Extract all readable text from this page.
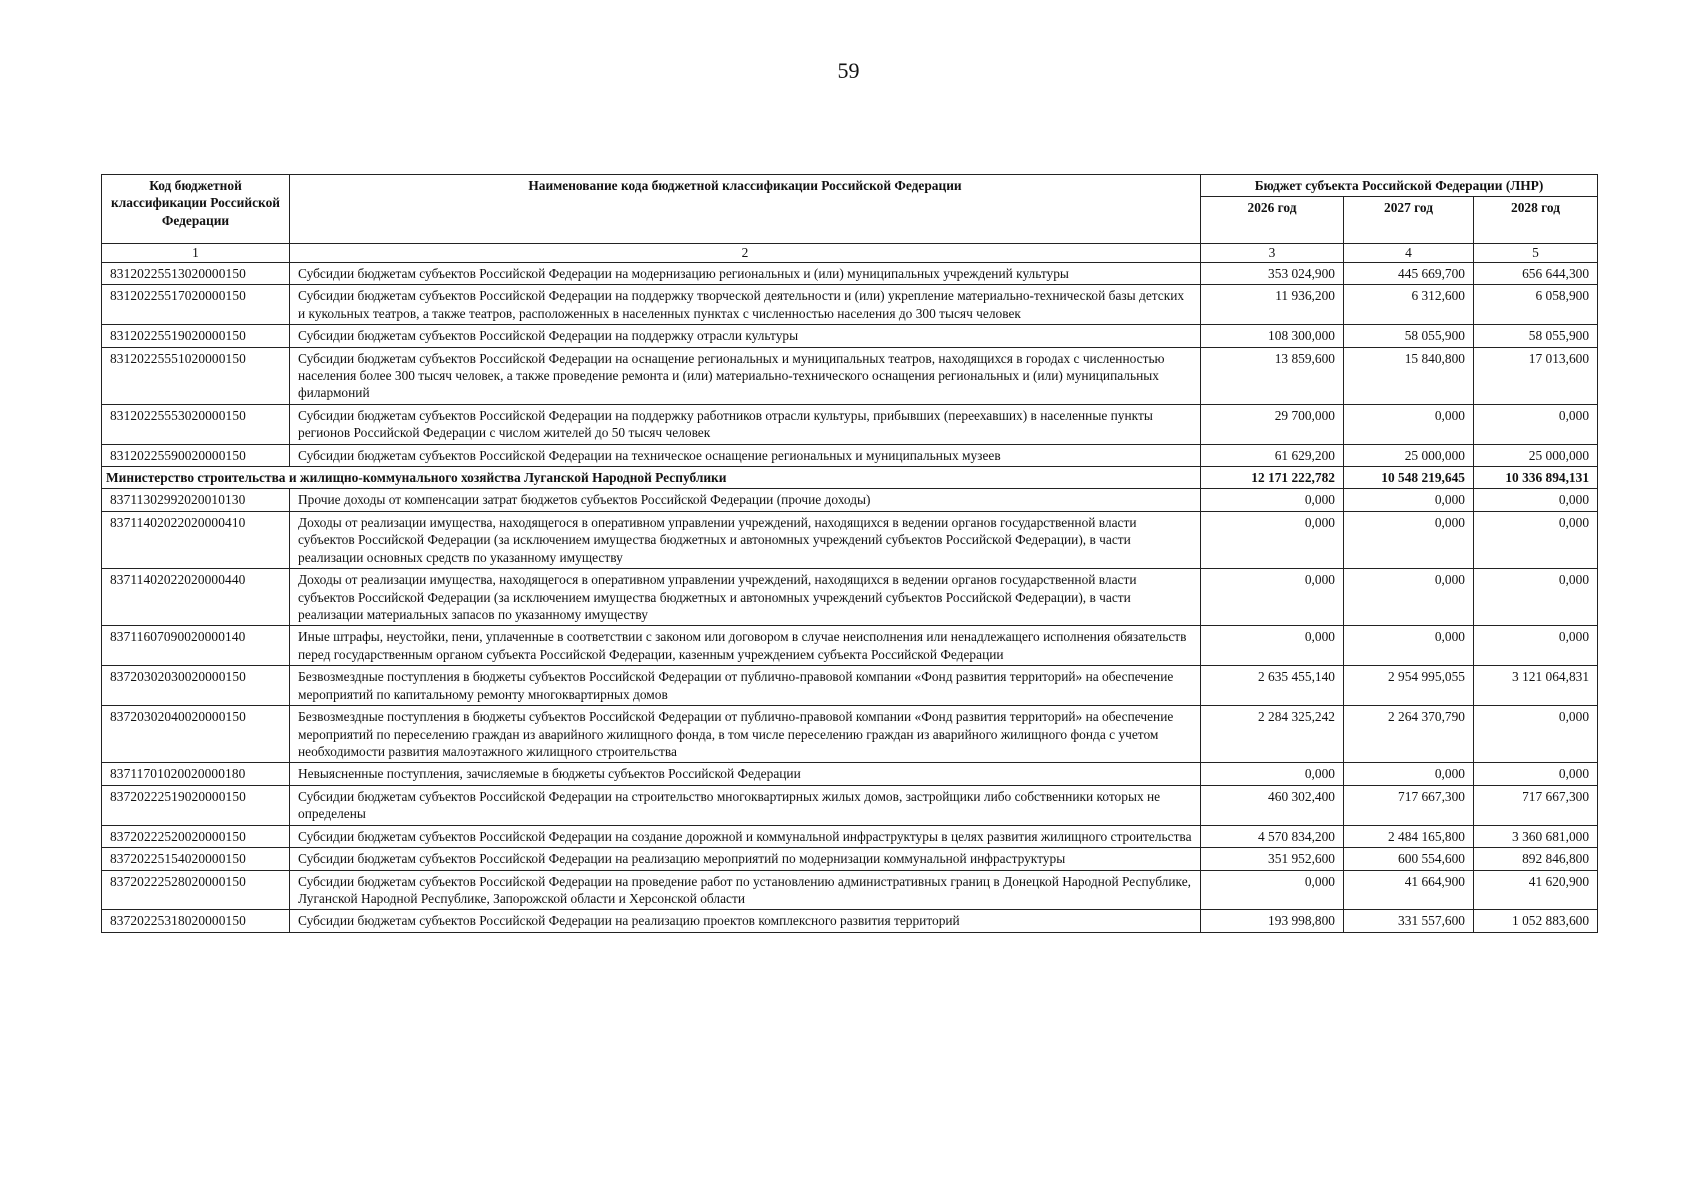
59
Код бюджетной классификации Российской Федерации	Наименование кода бюджетной классификации Российской Федерации	Бюджет субъекта Российской Федерации (ЛНР)		
		2026 год	2027 год	2028 год
1	2	3	4	5
83120225513020000150	Субсидии бюджетам субъектов Российской Федерации на модернизацию региональных и (или) муниципальных учреждений культуры	353 024,900	445 669,700	656 644,300
83120225517020000150	Субсидии бюджетам субъектов Российской Федерации на поддержку творческой деятельности и (или) укрепление материально-технической базы детских и кукольных театров, а также театров, расположенных в населенных пунктах с численностью населения до 300 тысяч человек	11 936,200	6 312,600	6 058,900
83120225519020000150	Субсидии бюджетам субъектов Российской Федерации на поддержку отрасли культуры	108 300,000	58 055,900	58 055,900
83120225551020000150	Субсидии бюджетам субъектов Российской Федерации на оснащение региональных и муниципальных театров, находящихся в городах с численностью населения более 300 тысяч человек, а также проведение ремонта и (или) материально-технического оснащения региональных и (или) муниципальных филармоний	13 859,600	15 840,800	17 013,600
83120225553020000150	Субсидии бюджетам субъектов Российской Федерации на поддержку работников отрасли культуры, прибывших (переехавших) в населенные пункты регионов Российской Федерации с числом жителей до 50 тысяч человек	29 700,000	0,000	0,000
83120225590020000150	Субсидии бюджетам субъектов Российской Федерации на техническое оснащение региональных и муниципальных музеев	61 629,200	25 000,000	25 000,000
Министерство строительства и жилищно-коммунального хозяйства Луганской Народной Республики		12 171 222,782	10 548 219,645	10 336 894,131
83711302992020010130	Прочие доходы от компенсации затрат бюджетов субъектов Российской Федерации (прочие доходы)	0,000	0,000	0,000
83711402022020000410	Доходы от реализации имущества, находящегося в оперативном управлении учреждений, находящихся в ведении органов государственной власти субъектов Российской Федерации (за исключением имущества бюджетных и автономных учреждений субъектов Российской Федерации), в части реализации основных средств по указанному имуществу	0,000	0,000	0,000
83711402022020000440	Доходы от реализации имущества, находящегося в оперативном управлении учреждений, находящихся в ведении органов государственной власти субъектов Российской Федерации (за исключением имущества бюджетных и автономных учреждений субъектов Российской Федерации), в части реализации материальных запасов по указанному имуществу	0,000	0,000	0,000
83711607090020000140	Иные штрафы, неустойки, пени, уплаченные в соответствии с законом или договором в случае неисполнения или ненадлежащего исполнения обязательств перед государственным органом субъекта Российской Федерации, казенным учреждением субъекта Российской Федерации	0,000	0,000	0,000
83720302030020000150	Безвозмездные поступления в бюджеты субъектов Российской Федерации от публично-правовой компании «Фонд развития территорий» на обеспечение мероприятий по капитальному ремонту многоквартирных домов	2 635 455,140	2 954 995,055	3 121 064,831
83720302040020000150	Безвозмездные поступления в бюджеты субъектов Российской Федерации от публично-правовой компании «Фонд развития территорий» на обеспечение мероприятий по переселению граждан из аварийного жилищного фонда, в том числе переселению граждан из аварийного жилищного фонда с учетом необходимости развития малоэтажного жилищного строительства	2 284 325,242	2 264 370,790	0,000
83711701020020000180	Невыясненные поступления, зачисляемые в бюджеты субъектов Российской Федерации	0,000	0,000	0,000
83720222519020000150	Субсидии бюджетам субъектов Российской Федерации на строительство многоквартирных жилых домов, застройщики либо собственники которых не определены	460 302,400	717 667,300	717 667,300
83720222520020000150	Субсидии бюджетам субъектов Российской Федерации на создание дорожной и коммунальной инфраструктуры в целях развития жилищного строительства	4 570 834,200	2 484 165,800	3 360 681,000
83720225154020000150	Субсидии бюджетам субъектов Российской Федерации на реализацию мероприятий по модернизации коммунальной инфраструктуры	351 952,600	600 554,600	892 846,800
83720222528020000150	Субсидии бюджетам субъектов Российской Федерации на проведение работ по установлению административных границ в Донецкой Народной Республике, Луганской Народной Республике, Запорожской области и Херсонской области	0,000	41 664,900	41 620,900
83720225318020000150	Субсидии бюджетам субъектов Российской Федерации на реализацию проектов комплексного развития территорий	193 998,800	331 557,600	1 052 883,600
